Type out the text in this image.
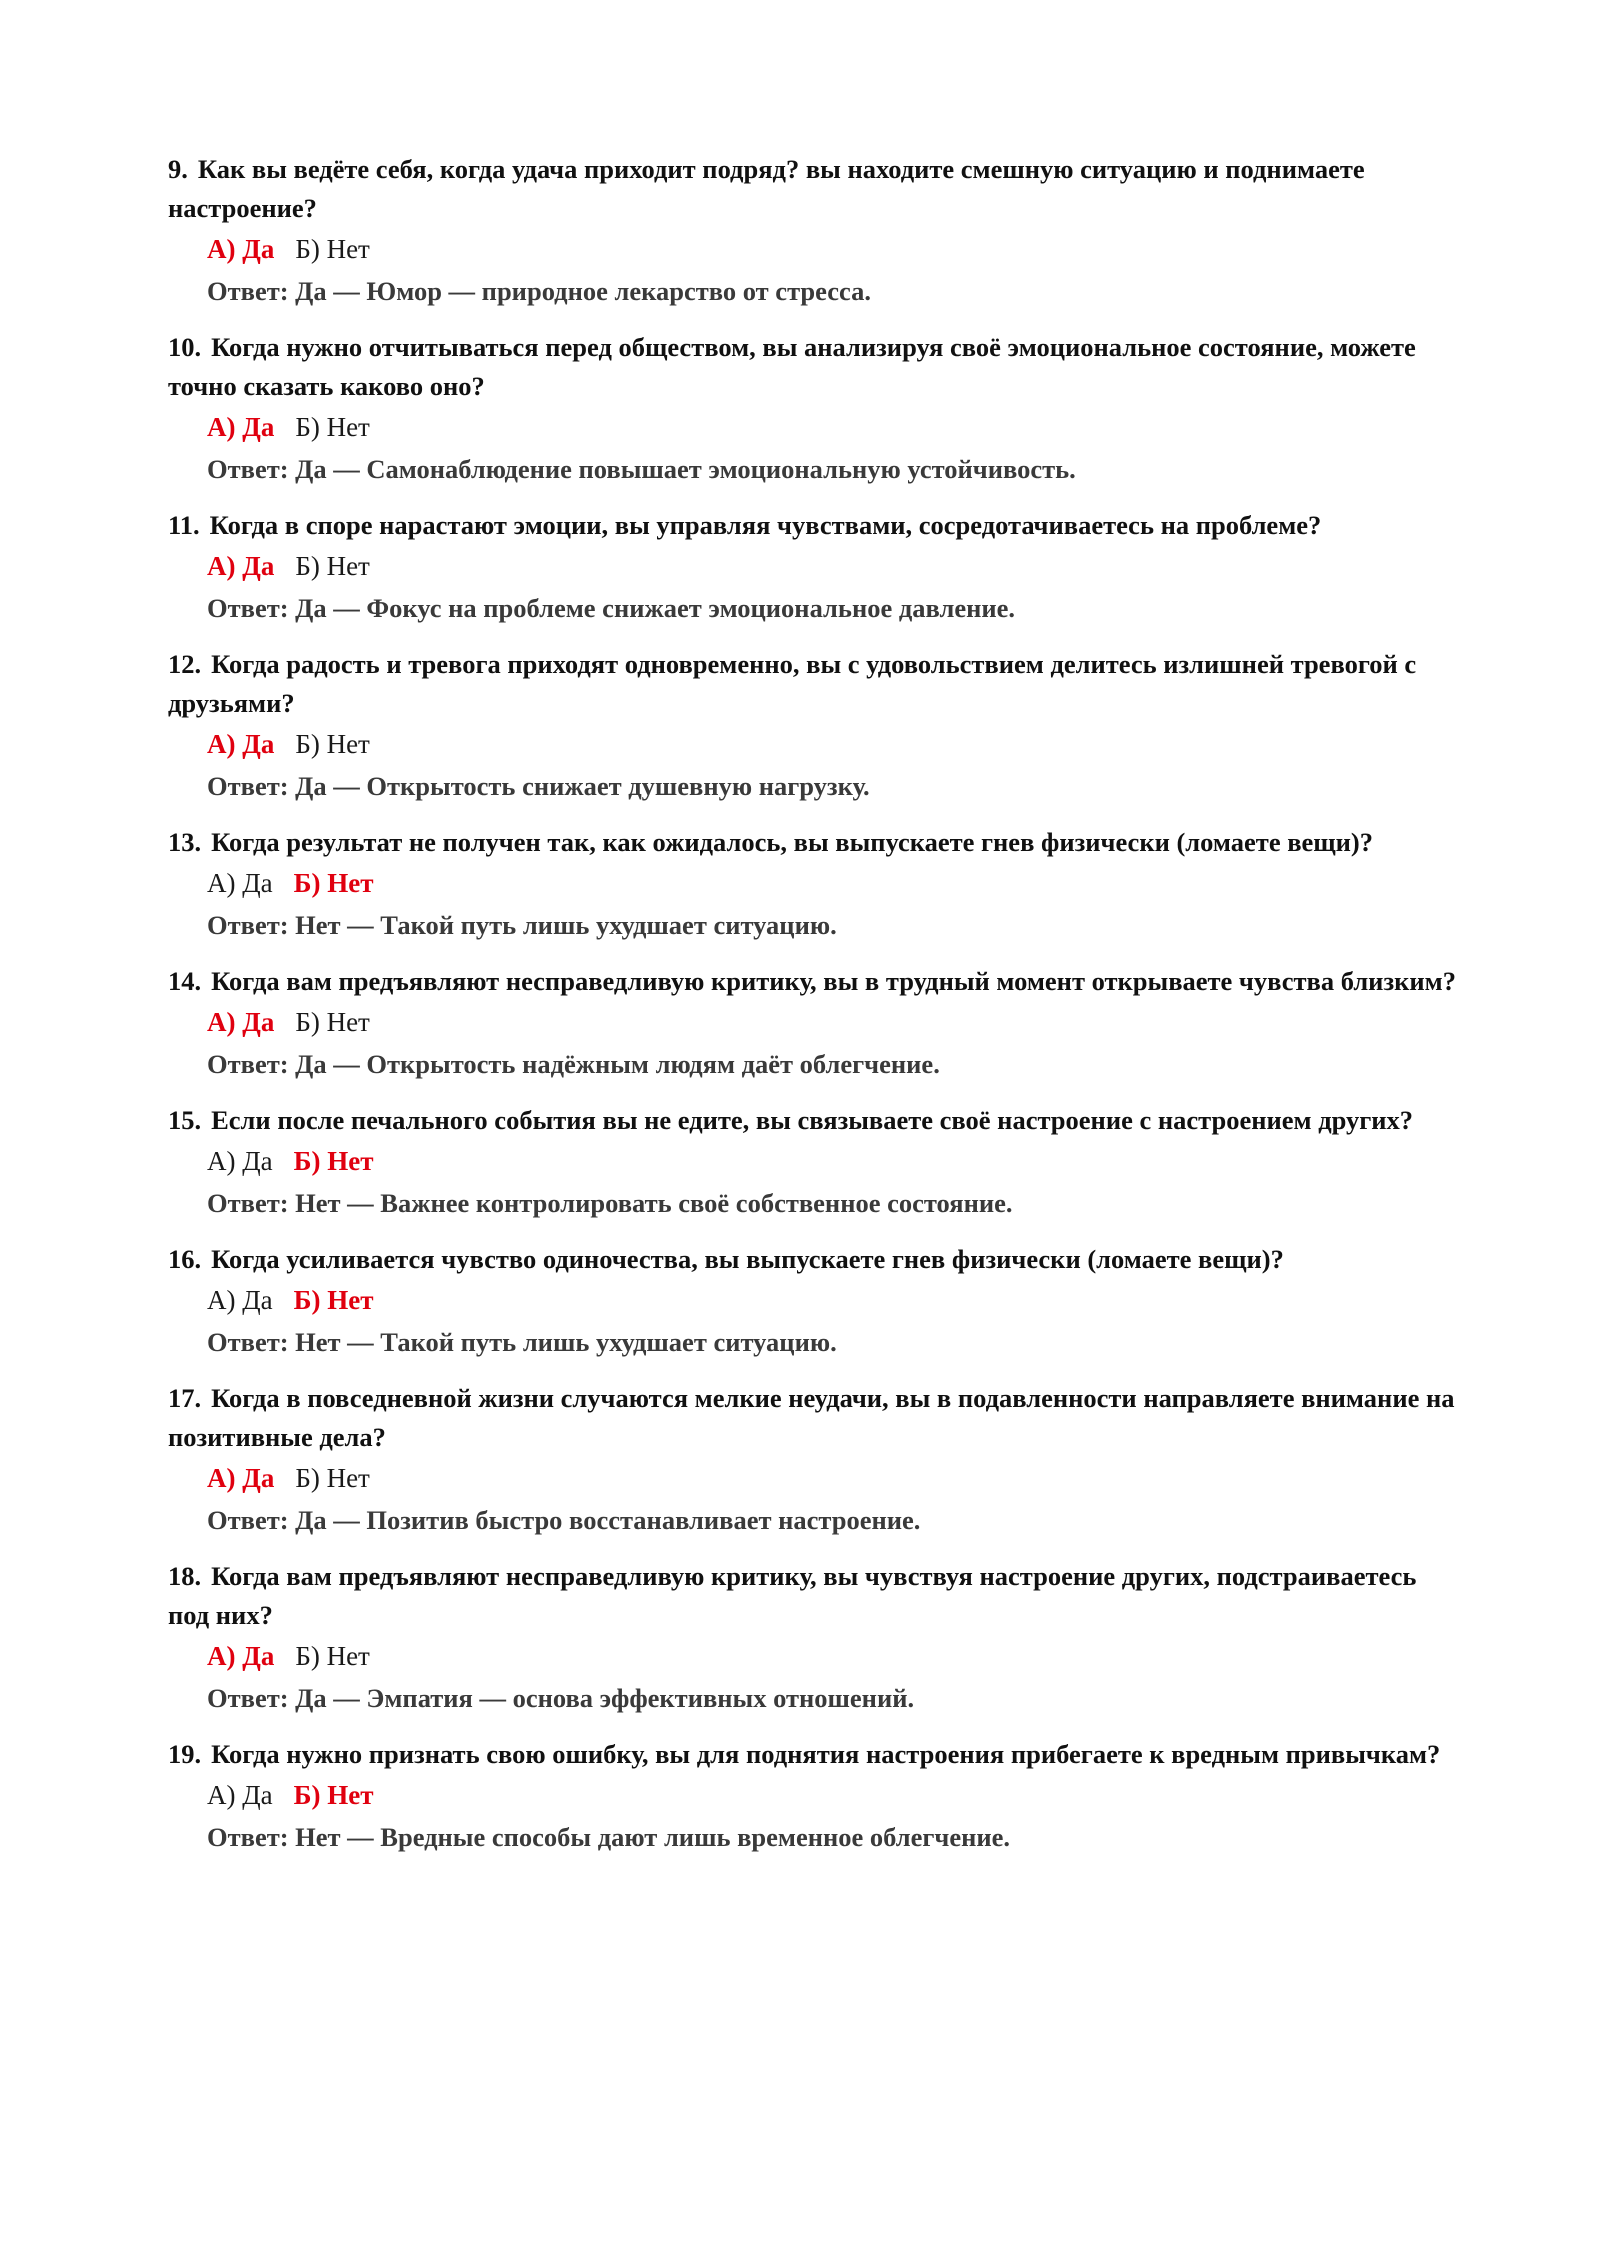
9. Как вы ведёте себя, когда удача приходит подряд? вы находите смешную ситуацию и поднимаете настроение?

А) Да Б) Нет
Ответ: Да — Юмор — природное лекарство от стресса.

10. Когда нужно отчитываться перед обществом, вы анализируя своё эмоциональное состояние, можете точно сказать каково оно?

А) Да Б) Нет
Ответ: Да — Самонаблюдение повышает эмоциональную устойчивость.

11. Когда в споре нарастают эмоции, вы управляя чувствами, сосредотачиваетесь на проблеме?

А) Да Б) Нет
Ответ: Да — Фокус на проблеме снижает эмоциональное давление.

12. Когда радость и тревога приходят одновременно, вы с удовольствием делитесь излишней тревогой с друзьями?

А) Да Б) Нет
Ответ: Да — Открытость снижает душевную нагрузку.

13. Когда результат не получен так, как ожидалось, вы выпускаете гнев физически (ломаете вещи)?

А) Да Б) Нет
Ответ: Нет — Такой путь лишь ухудшает ситуацию.

14. Когда вам предъявляют несправедливую критику, вы в трудный момент открываете чувства близким?

А) Да Б) Нет
Ответ: Да — Открытость надёжным людям даёт облегчение.

15. Если после печального события вы не едите, вы связываете своё настроение с настроением других?

А) Да Б) Нет
Ответ: Нет — Важнее контролировать своё собственное состояние.

16. Когда усиливается чувство одиночества, вы выпускаете гнев физически (ломаете вещи)?

А) Да Б) Нет
Ответ: Нет — Такой путь лишь ухудшает ситуацию.

17. Когда в повседневной жизни случаются мелкие неудачи, вы в подавленности направляете внимание на позитивные дела?

А) Да Б) Нет
Ответ: Да — Позитив быстро восстанавливает настроение.

18. Когда вам предъявляют несправедливую критику, вы чувствуя настроение других, подстраиваетесь под них?

А) Да Б) Нет
Ответ: Да — Эмпатия — основа эффективных отношений.

19. Когда нужно признать свою ошибку, вы для поднятия настроения прибегаете к вредным привычкам?

А) Да Б) Нет
Ответ: Нет — Вредные способы дают лишь временное облегчение.
